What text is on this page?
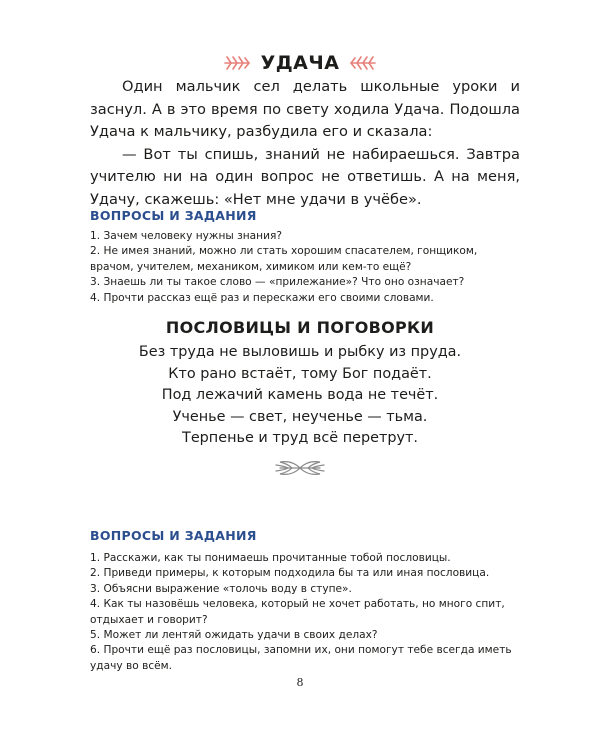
УДАЧА

Один мальчик сел делать школьные уроки и заснул. А в это время по свету ходила Удача. Подошла Удача к мальчику, разбудила его и сказала:

— Вот ты спишь, знаний не набираешься. Завтра учителю ни на один вопрос не ответишь. А на меня, Удачу, скажешь: «Нет мне удачи в учёбе».

ВОПРОСЫ И ЗАДАНИЯ
1. Зачем человеку нужны знания?
2. Не имея знаний, можно ли стать хорошим спасателем, гонщиком, врачом, учителем, механиком, химиком или кем-то ещё?
3. Знаешь ли ты такое слово — «прилежание»? Что оно означает?
4. Прочти рассказ ещё раз и перескажи его своими словами.
ПОСЛОВИЦЫ И ПОГОВОРКИ
Без труда не выловишь и рыбку из пруда.
Кто рано встаёт, тому Бог подаёт.
Под лежачий камень вода не течёт.
Ученье — свет, неученье — тьма.
Терпенье и труд всё перетрут.
ВОПРОСЫ И ЗАДАНИЯ
1. Расскажи, как ты понимаешь прочитанные тобой пословицы.
2. Приведи примеры, к которым подходила бы та или иная пословица.
3. Объясни выражение «толочь воду в ступе».
4. Как ты назовёшь человека, который не хочет работать, но много спит, отдыхает и говорит?
5. Может ли лентяй ожидать удачи в своих делах?
6. Прочти ещё раз пословицы, запомни их, они помогут тебе всегда иметь удачу во всём.
8
